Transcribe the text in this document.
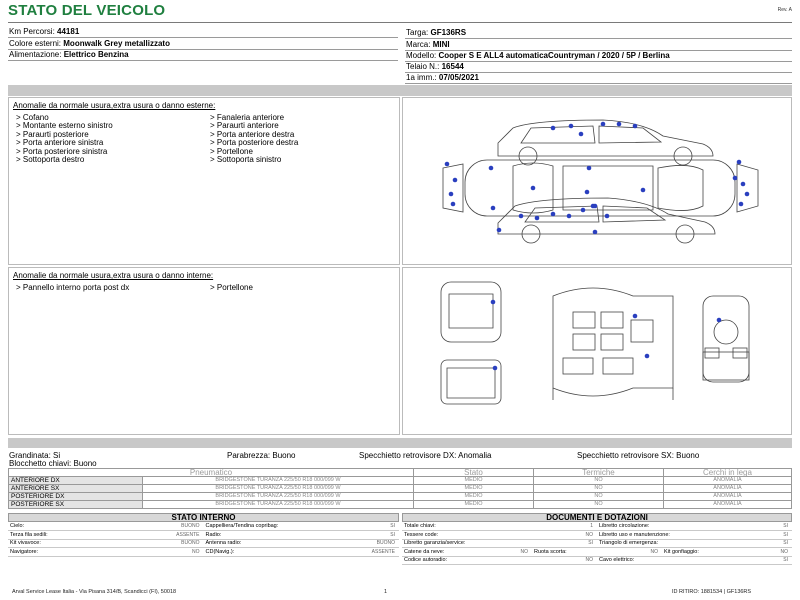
STATO DEL VEICOLO	Rev. A
Km Percorsi: 44181
Colore esterni: Moonwalk Grey metallizzato
Alimentazione: Elettrico Benzina
Targa: GF136RS
Marca: MINI
Modello: Cooper S E ALL4 automaticaCountryman / 2020 / 5P / Berlina
Telaio N.: 16544
1a imm.: 07/05/2021
Anomalie da normale usura,extra usura o danno esterne:
> Cofano
> Montante esterno sinistro
> Paraurti posteriore
> Porta anteriore sinistra
> Porta posteriore sinistra
> Sottoporta destro
> Fanaleria anteriore
> Paraurti anteriore
> Porta anteriore destra
> Porta posteriore destra
> Portellone
> Sottoporta sinistro
Anomalie da normale usura,extra usura o danno interne:
> Pannello interno porta post dx	> Portellone
Grandinata: Si	Parabrezza: Buono	Specchietto retrovisore DX: Anomalia	Specchietto retrovisore SX: Buono
Blocchetto chiavi: Buono
Pneumatico		Stato	Termiche	Cerchi in lega
ANTERIORE DX	BRIDGESTONE TURANZA 225/50 R18 000/099 W	MEDIO	NO	ANOMALIA
ANTERIORE SX	BRIDGESTONE TURANZA 225/50 R18 000/099 W	MEDIO	NO	ANOMALIA
POSTERIORE DX	BRIDGESTONE TURANZA 225/50 R18 000/099 W	MEDIO	NO	ANOMALIA
POSTERIORE SX	BRIDGESTONE TURANZA 225/50 R18 000/099 W	MEDIO	NO	ANOMALIA
STATO INTERNO
Cielo:	BUONO Cappelliera/Tendina copribag:	SI
Terza fila sedili:	ASSENTE Radio:	SI
Kit vivavoce:	BUONO Antenna radio:	BUONO
Navigatore:	NO CD(Navig.):	ASSENTE
DOCUMENTI E DOTAZIONI
Totale chiavi:	1 Libretto circolazione:	SI
Tessere code:	NO Libretto uso e manutenzione:	SI
Libretto garanzia/service:	SI Triangolo di emergenza:	SI
Catene da neve:	NO Ruota scorta:	NO Kit gonfiaggio:	NO
Codice autoradio:	NO Cavo elettrico:	SI
Arval Service Lease Italia - Via Pisana 314/B, Scandicci (FI), 50018	1	ID RITIRO: 1881534 | GF136RS
